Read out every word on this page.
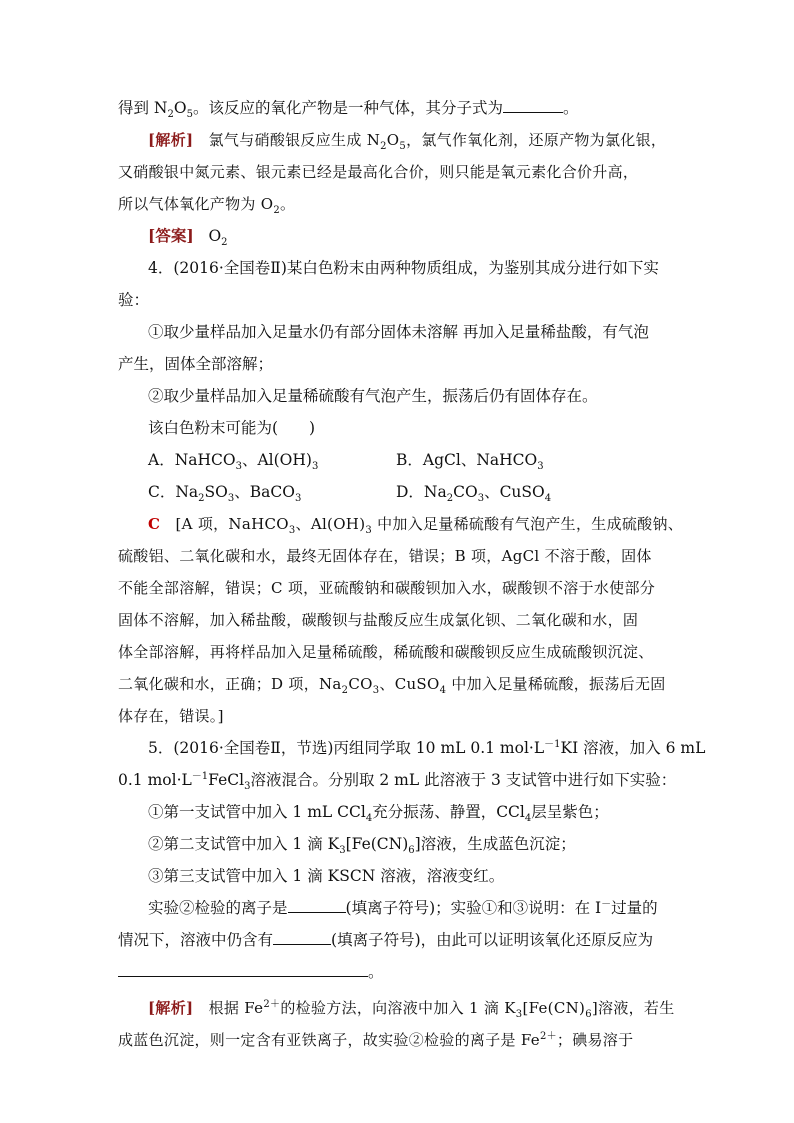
得到 $N_2O_5$。该反应的氧化产物是一种气体，其分子式为	。
[解析] 氯气与硝酸银反应生成 $N_2O_5$，氯气作氧化剂，还原产物为氯化银，
又硝酸银中氮元素、银元素已经是最高化合价，则只能是氧元素化合价升高，
所以气体氧化产物为 $O_2$。
[答案] $O_2$
4．(2016·全国卷Ⅱ)某白色粉末由两种物质组成，为鉴别其成分进行如下实
验：
①取少量样品加入足量水仍有部分固体未溶解 再加入足量稀盐酸，有气泡
产生，固体全部溶解；
②取少量样品加入足量稀硫酸有气泡产生，振荡后仍有固体存在。
该白色粉末可能为(　　)
A．NaHCO$_3$、$Al(OH)_3$	B．AgCl、NaHCO$_3$
C．$Na_2SO_3$、BaCO$_3$	D．$Na_2CO_3$、CuSO$_4$
C [A 项，NaHCO$_3$、$Al(OH)_3$ 中加入足量稀硫酸有气泡产生，生成硫酸钠、
硫酸铝、二氧化碳和水，最终无固体存在，错误；B 项，AgCl 不溶于酸，固体
不能全部溶解，错误；C 项，亚硫酸钠和碳酸钡加入水，碳酸钡不溶于水使部分
固体不溶解，加入稀盐酸，碳酸钡与盐酸反应生成氯化钡、二氧化碳和水，固
体全部溶解，再将样品加入足量稀硫酸，稀硫酸和碳酸钡反应生成硫酸钡沉淀、
二氧化碳和水，正确；D 项，$Na_2CO_3$、CuSO$_4$ 中加入足量稀硫酸，振荡后无固
体存在，错误。]
5．(2016·全国卷Ⅱ，节选)丙组同学取 10 mL 0.1 $mol\cdot L^{-1}KI$ 溶液，加入 6 mL
0.1 $mol\cdot L^{-1}FeCl_3$溶液混合。分别取 2 mL 此溶液于 3 支试管中进行如下实验：
①第一支试管中加入 1 mL CCl$_4$充分振荡、静置，CCl$_4$层呈紫色；
②第二支试管中加入 1 滴 $K_3[Fe(CN)_6]$溶液，生成蓝色沉淀；
③第三支试管中加入 1 滴 KSCN 溶液，溶液变红。
实验②检验的离子是	(填离子符号)；实验①和③说明：在 I－过量的
情况下，溶液中仍含有	(填离子符号)，由此可以证明该氧化还原反应为
。
[解析] 根据 $Fe^{2+}$的检验方法，向溶液中加入 1 滴 $K_3[Fe(CN)_6]$溶液，若生
成蓝色沉淀，则一定含有亚铁离子，故实验②检验的离子是 $Fe^{2+}$；碘易溶于
